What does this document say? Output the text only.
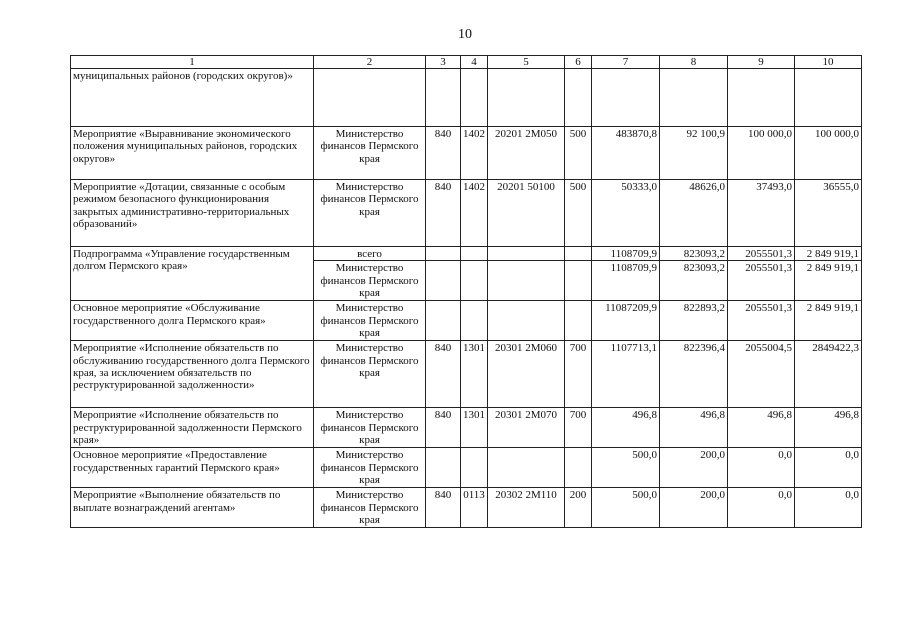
10
1	2	3	4	5	6	7	8	9	10
муниципальных районов (городских округов)»									
Мероприятие «Выравнивание экономического положения муниципальных районов, городских округов»	Министерство финансов Пермского края	840	1402	20201 2М050	500	483870,8	92 100,9	100 000,0	100 000,0
Мероприятие «Дотации, связанные с особым режимом безопасного функционирования закрытых административно-территориальных образований»	Министерство финансов Пермского края	840	1402	20201 50100	500	50333,0	48626,0	37493,0	36555,0
Подпрограмма «Управление государственным долгом Пермского края»	всего					1108709,9	823093,2	2055501,3	2 849 919,1
	Министерство финансов Пермского края					1108709,9	823093,2	2055501,3	2 849 919,1
Основное мероприятие «Обслуживание государственного долга Пермского края»	Министерство финансов Пермского края					11087209,9	822893,2	2055501,3	2 849 919,1
Мероприятие «Исполнение обязательств по обслуживанию государственного долга Пермского края, за исключением обязательств по реструктурированной задолженности»	Министерство финансов Пермского края	840	1301	20301 2М060	700	1107713,1	822396,4	2055004,5	2849422,3
Мероприятие «Исполнение обязательств по реструктурированной задолженности Пермского края»	Министерство финансов Пермского края	840	1301	20301 2М070	700	496,8	496,8	496,8	496,8
Основное мероприятие «Предоставление государственных гарантий Пермского края»	Министерство финансов Пермского края					500,0	200,0	0,0	0,0
Мероприятие «Выполнение обязательств по выплате вознаграждений агентам»	Министерство финансов Пермского края	840	0113	20302 2М110	200	500,0	200,0	0,0	0,0
